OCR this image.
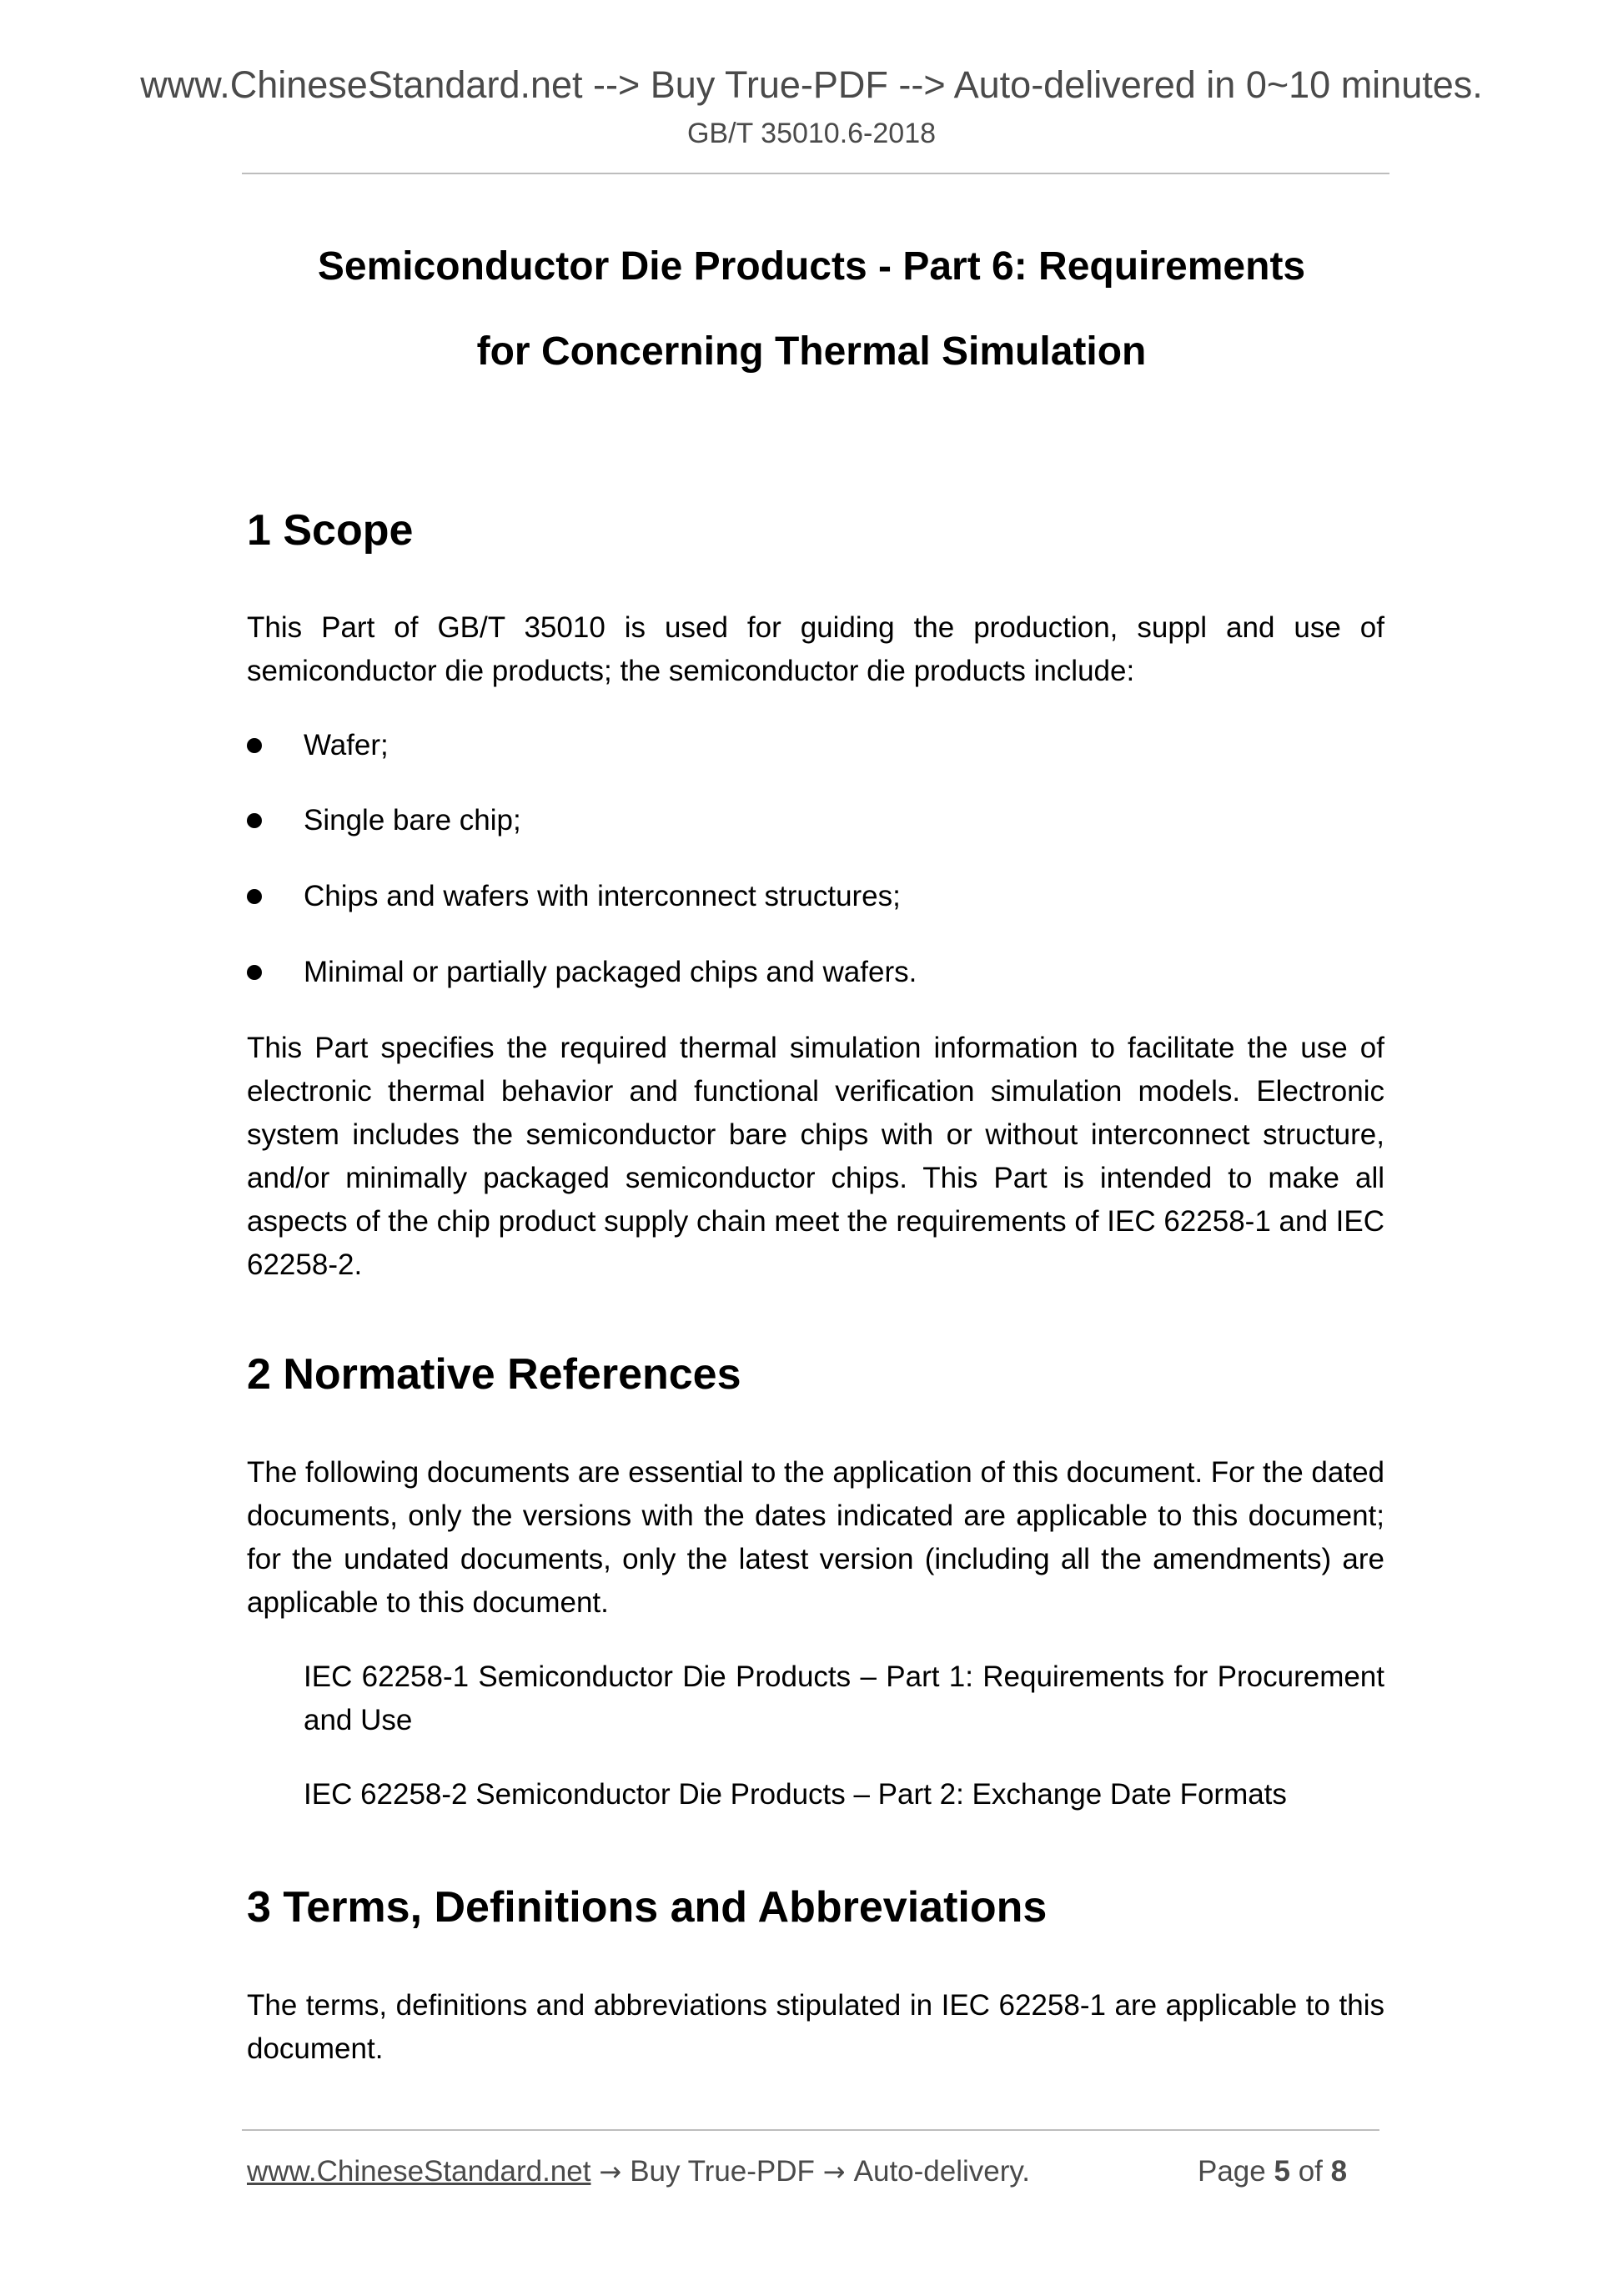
www.ChineseStandard.net --> Buy True-PDF --> Auto-delivered in 0~10 minutes.
GB/T 35010.6-2018
Semiconductor Die Products - Part 6: Requirements
for Concerning Thermal Simulation
1 Scope
This Part of GB/T 35010 is used for guiding the production, suppl and use of semiconductor die products; the semiconductor die products include:
Wafer;
Single bare chip;
Chips and wafers with interconnect structures;
Minimal or partially packaged chips and wafers.
This Part specifies the required thermal simulation information to facilitate the use of electronic thermal behavior and functional verification simulation models. Electronic system includes the semiconductor bare chips with or without interconnect structure, and/or minimally packaged semiconductor chips. This Part is intended to make all aspects of the chip product supply chain meet the requirements of IEC 62258-1 and IEC 62258-2.
2 Normative References
The following documents are essential to the application of this document. For the dated documents, only the versions with the dates indicated are applicable to this document; for the undated documents, only the latest version (including all the amendments) are applicable to this document.
IEC 62258-1 Semiconductor Die Products – Part 1: Requirements for Procurement and Use
IEC 62258-2 Semiconductor Die Products – Part 2: Exchange Date Formats
3 Terms, Definitions and Abbreviations
The terms, definitions and abbreviations stipulated in IEC 62258-1 are applicable to this document.
www.ChineseStandard.net → Buy True-PDF → Auto-delivery.	Page 5 of 8
